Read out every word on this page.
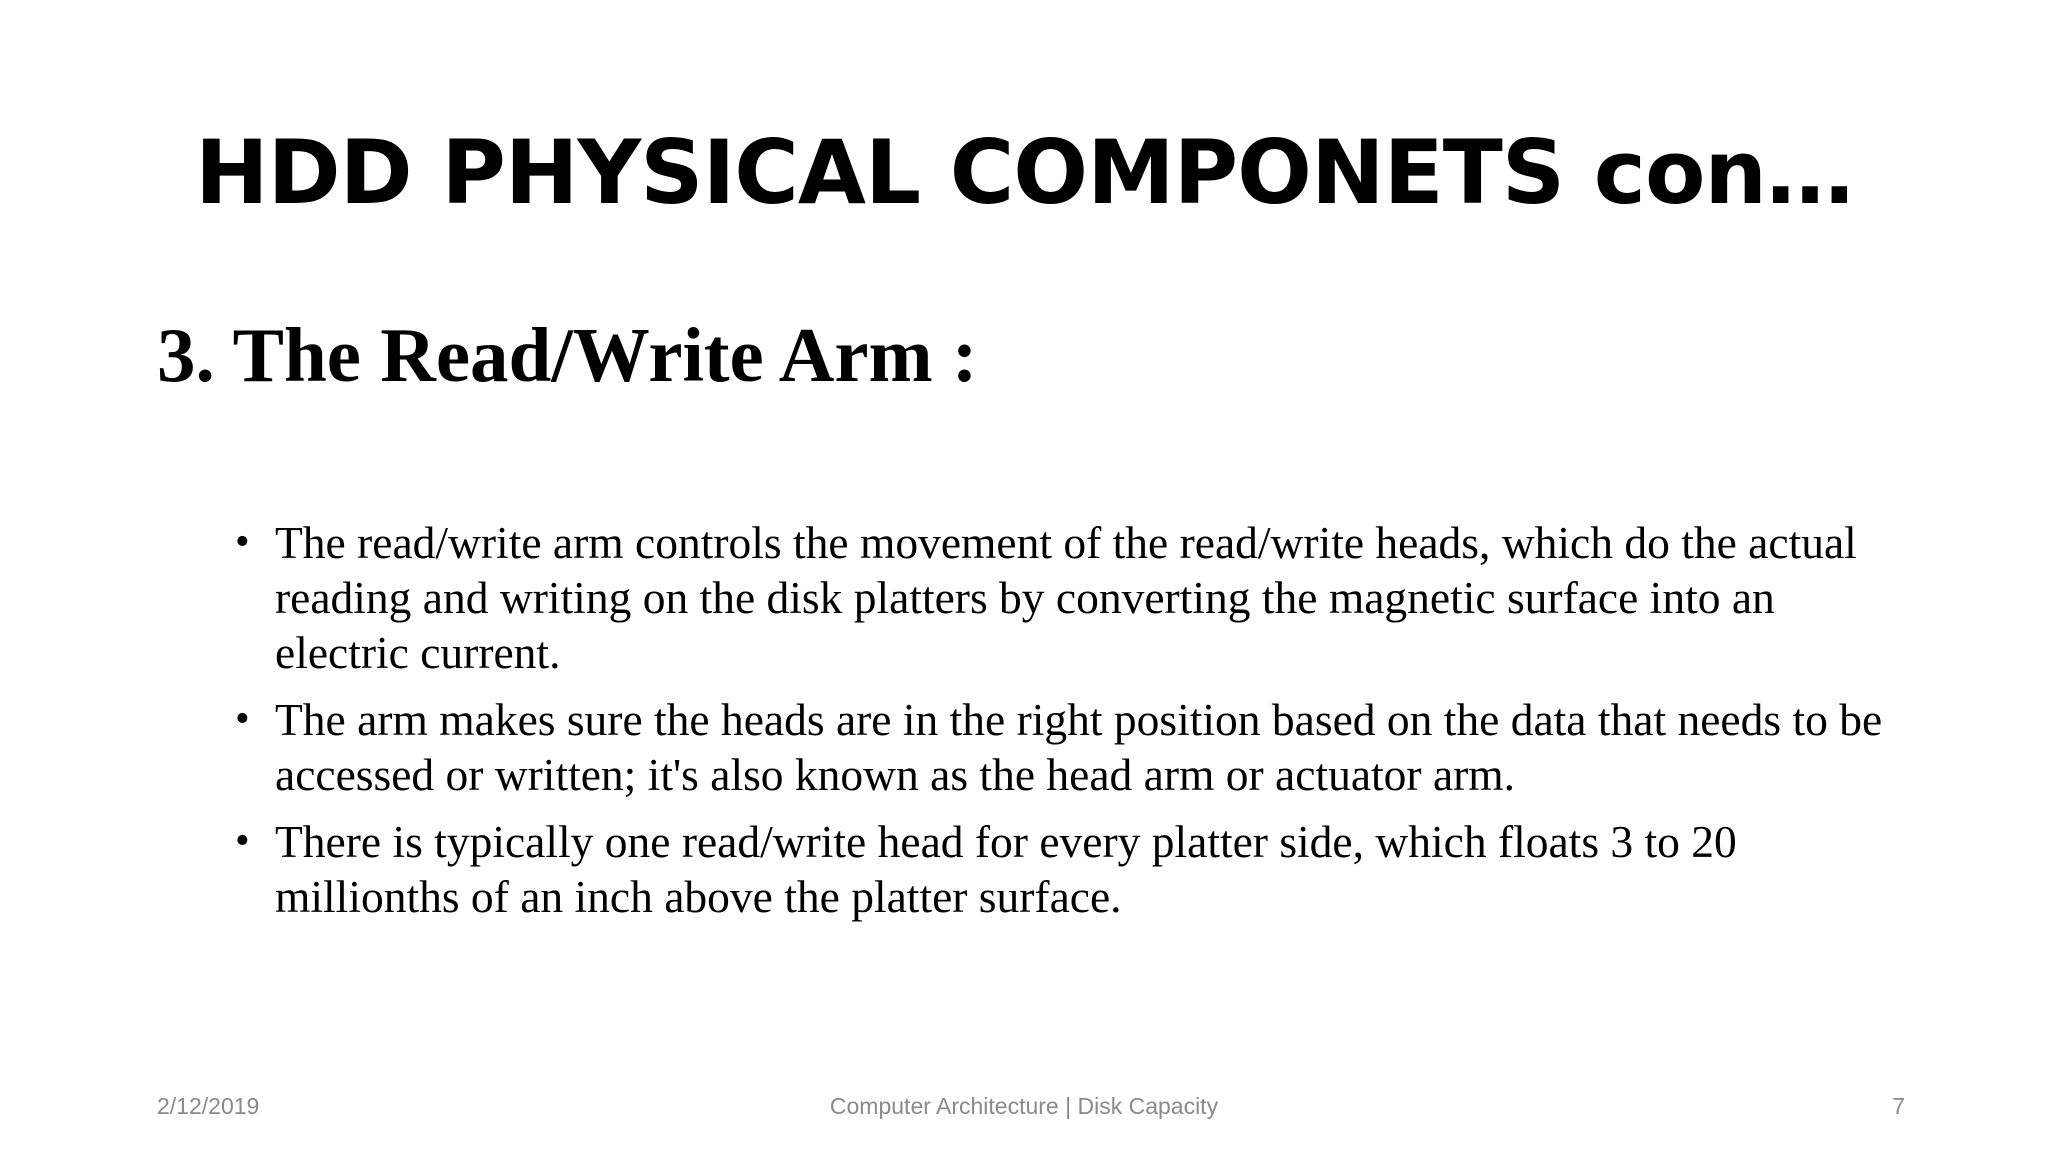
HDD PHYSICAL COMPONETS con…
3. The Read/Write Arm :
• The read/write arm controls the movement of the read/write heads, which do the actual reading and writing on the disk platters by converting the magnetic surface into an electric current.
• The arm makes sure the heads are in the right position based on the data that needs to be accessed or written; it's also known as the head arm or actuator arm.
• There is typically one read/write head for every platter side, which floats 3 to 20 millionths of an inch above the platter surface.
2/12/2019	Computer Architecture | Disk Capacity	7
